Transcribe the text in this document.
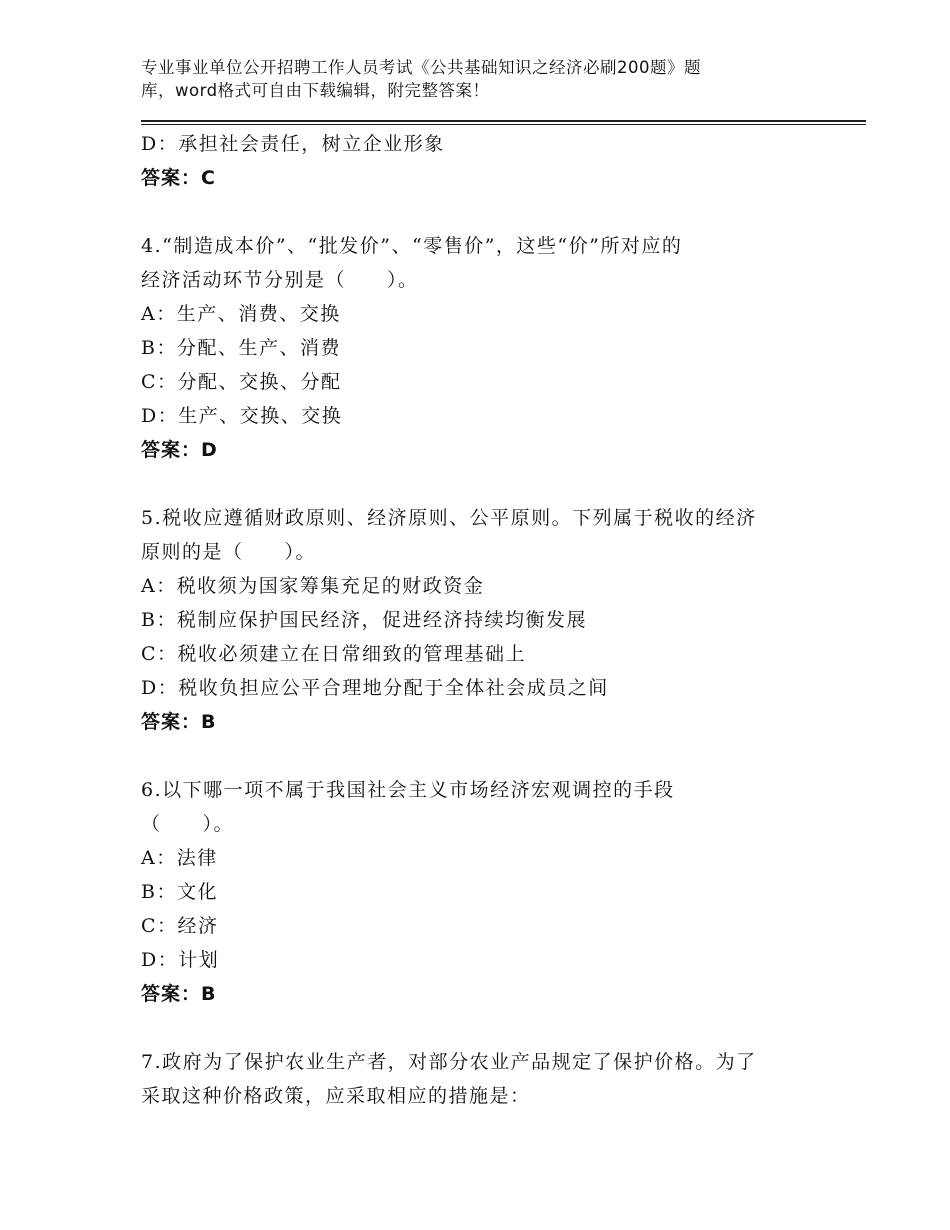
专业事业单位公开招聘工作人员考试《公共基础知识之经济必刷200题》题
库，word格式可自由下载编辑，附完整答案！
D：承担社会责任，树立企业形象
答案：C
4.“制造成本价”、“批发价”、“零售价”，这些“价”所对应的
经济活动环节分别是（　　）。
A：生产、消费、交换
B：分配、生产、消费
C：分配、交换、分配
D：生产、交换、交换
答案：D
5.税收应遵循财政原则、经济原则、公平原则。下列属于税收的经济
原则的是（　　）。
A：税收须为国家筹集充足的财政资金
B：税制应保护国民经济，促进经济持续均衡发展
C：税收必须建立在日常细致的管理基础上
D：税收负担应公平合理地分配于全体社会成员之间
答案：B
6.以下哪一项不属于我国社会主义市场经济宏观调控的手段
（　　）。
A：法律
B：文化
C：经济
D：计划
答案：B
7.政府为了保护农业生产者，对部分农业产品规定了保护价格。为了
采取这种价格政策，应采取相应的措施是：
